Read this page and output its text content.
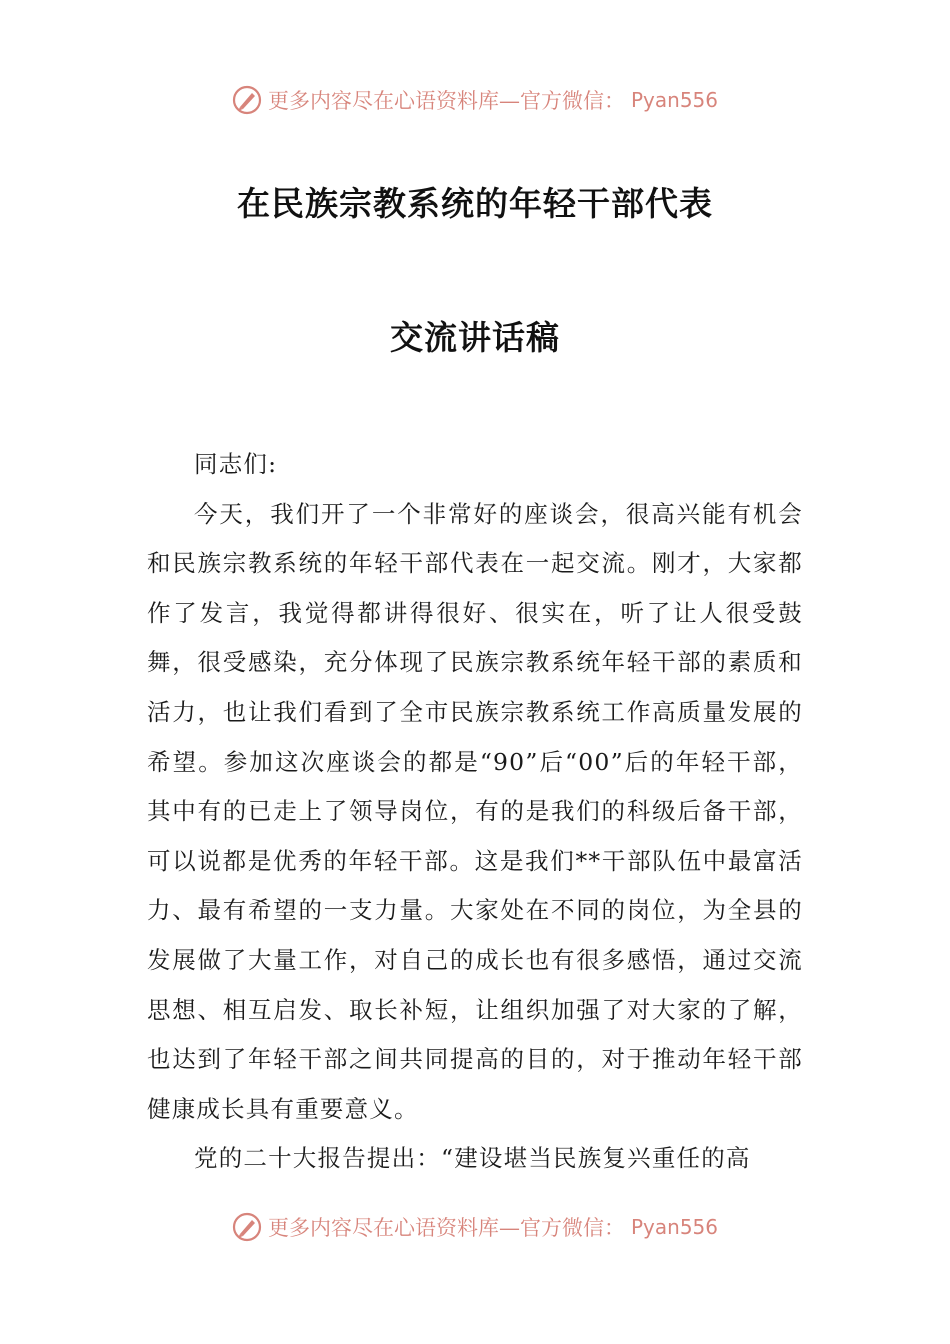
更多内容尽在心语资料库—官方微信： Pyan556
在民族宗教系统的年轻干部代表
交流讲话稿

同志们:

今天，我们开了一个非常好的座谈会，很高兴能有机会和民族宗教系统的年轻干部代表在一起交流。刚才，大家都作了发言，我觉得都讲得很好、很实在，听了让人很受鼓舞，很受感染，充分体现了民族宗教系统年轻干部的素质和活力，也让我们看到了全市民族宗教系统工作高质量发展的希望。参加这次座谈会的都是“90”后“00”后的年轻干部，其中有的已走上了领导岗位，有的是我们的科级后备干部，可以说都是优秀的年轻干部。这是我们**干部队伍中最富活力、最有希望的一支力量。大家处在不同的岗位，为全县的发展做了大量工作，对自己的成长也有很多感悟，通过交流思想、相互启发、取长补短，让组织加强了对大家的了解，也达到了年轻干部之间共同提高的目的，对于推动年轻干部健康成长具有重要意义。

党的二十大报告提出：“建设堪当民族复兴重任的高

更多内容尽在心语资料库—官方微信： Pyan556
